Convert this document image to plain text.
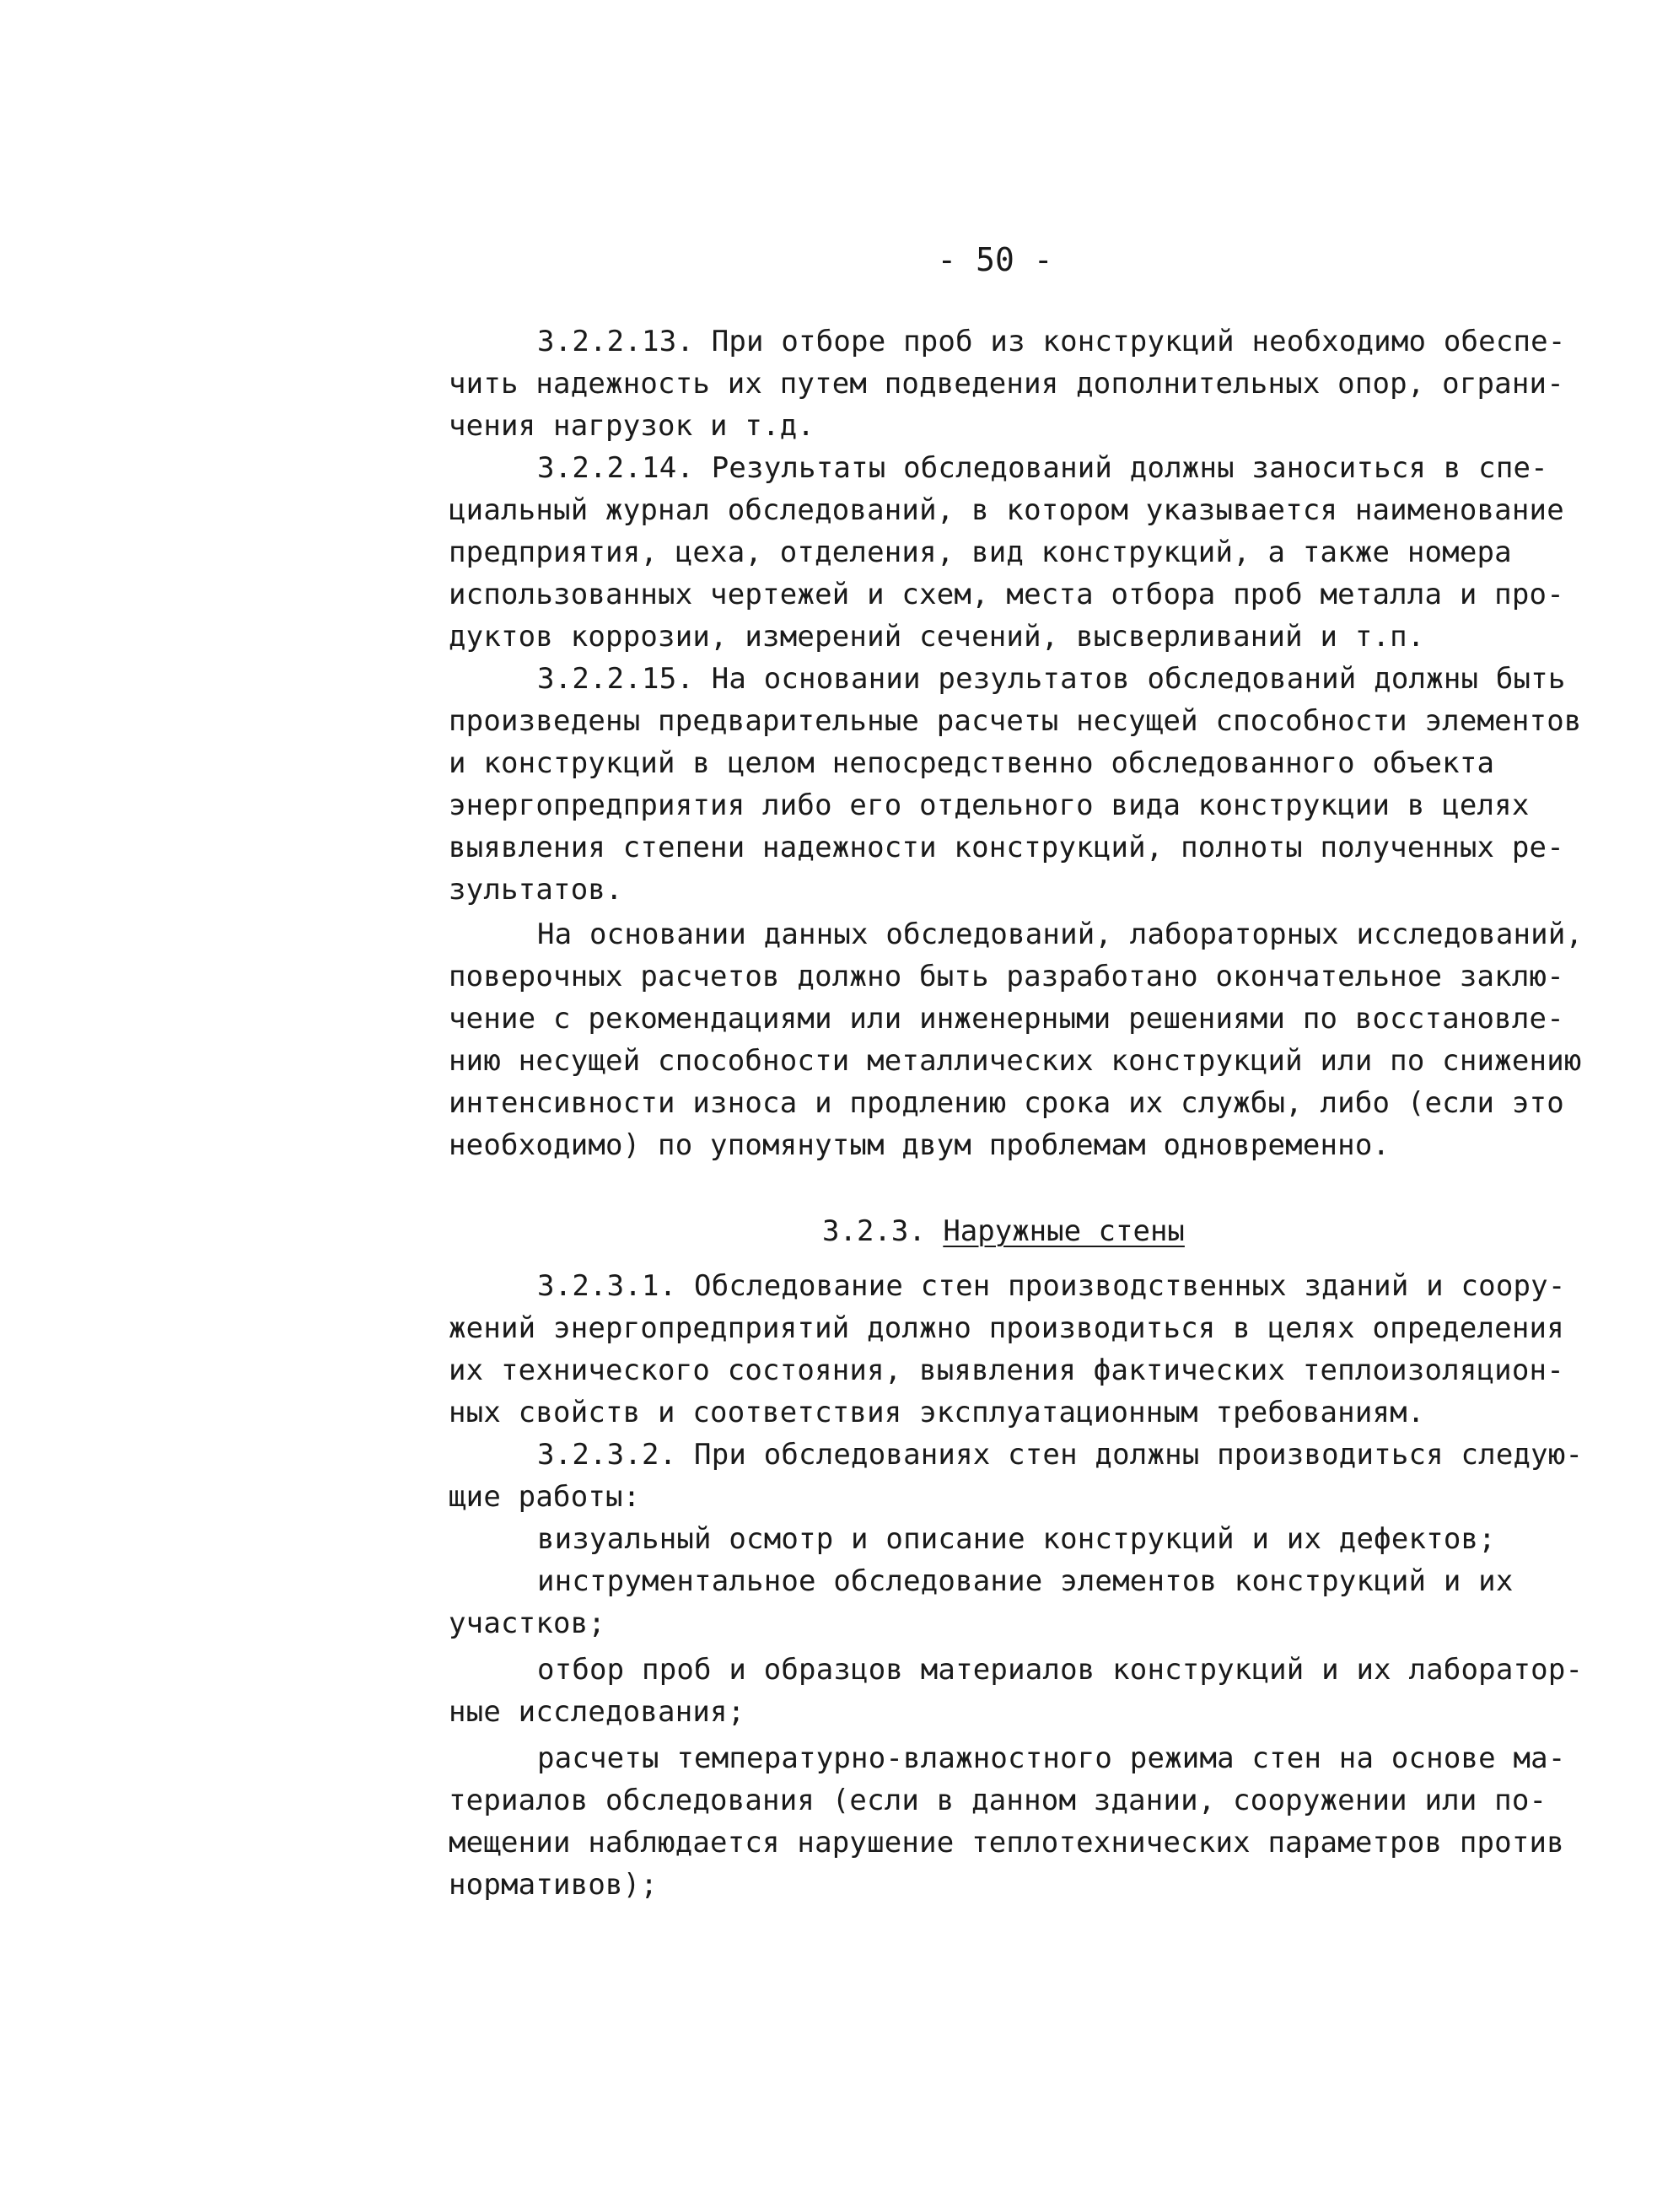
- 50 -
3.2.2.13. При отборе проб из конструкций необходимо обеспе-
чить надежность их путем подведения дополнительных опор, ограни-
чения нагрузок и т.д.
3.2.2.14. Результаты обследований должны заноситься в спе-
циальный журнал обследований, в котором указывается наименование
предприятия, цеха, отделения, вид конструкций, а также номера
использованных чертежей и схем, места отбора проб металла и про-
дуктов коррозии, измерений сечений, высверливаний и т.п.
3.2.2.15. На основании результатов обследований должны быть
произведены предварительные расчеты несущей способности элементов
и конструкций в целом непосредственно обследованного объекта
энергопредприятия либо его отдельного вида конструкции в целях
выявления степени надежности конструкций, полноты полученных ре-
зультатов.
На основании данных обследований, лабораторных исследований,
поверочных расчетов должно быть разработано окончательное заклю-
чение с рекомендациями или инженерными решениями по восстановле-
нию несущей способности металлических конструкций или по снижению
интенсивности износа и продлению срока их службы, либо (если это
необходимо) по упомянутым двум проблемам одновременно.
3.2.3. Наружные стены
3.2.3.1. Обследование стен производственных зданий и соору-
жений энергопредприятий должно производиться в целях определения
их технического состояния, выявления фактических теплоизоляцион-
ных свойств и соответствия эксплуатационным требованиям.
3.2.3.2. При обследованиях стен должны производиться следую-
щие работы:
визуальный осмотр и описание конструкций и их дефектов;
инструментальное обследование элементов конструкций и их
участков;
отбор проб и образцов материалов конструкций и их лаборатор-
ные исследования;
расчеты температурно-влажностного режима стен на основе ма-
териалов обследования (если в данном здании, сооружении или по-
мещении наблюдается нарушение теплотехнических параметров против
нормативов);
